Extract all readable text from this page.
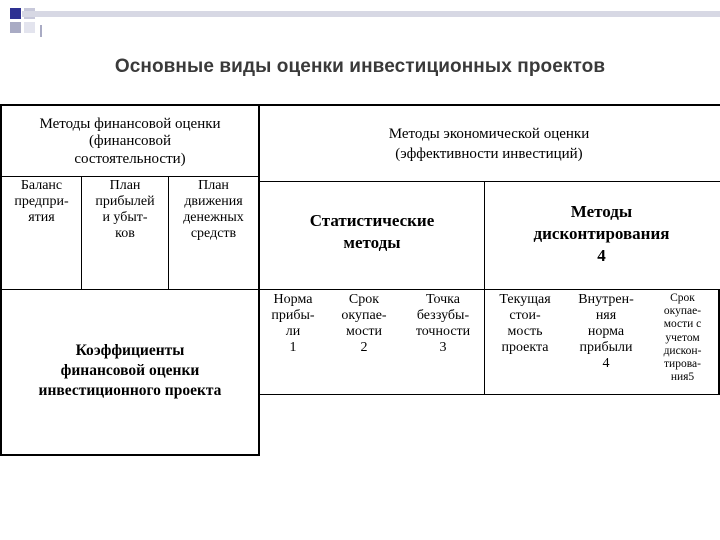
Основные виды оценки инвестиционных проектов
Методы финансовой оценки
(финансовой
состоятельности)
Баланс
предпри-
ятия
План
прибылей
и убыт-
ков
План
движения
денежных
средств
Коэффициенты
финансовой оценки
инвестиционного проекта
Методы экономической оценки
(эффективности инвестиций)
Статистические
методы
Методы
дисконтирования
4
Норма
прибы-
ли
1
Срок
окупае-
мости
2
Точка
беззубы-
точности
3
Текущая
стои-
мость
проекта
Внутрен-
няя
норма
прибыли
4
Срок
окупае-
мости с
учетом
дискон-
тирова-
ния5
